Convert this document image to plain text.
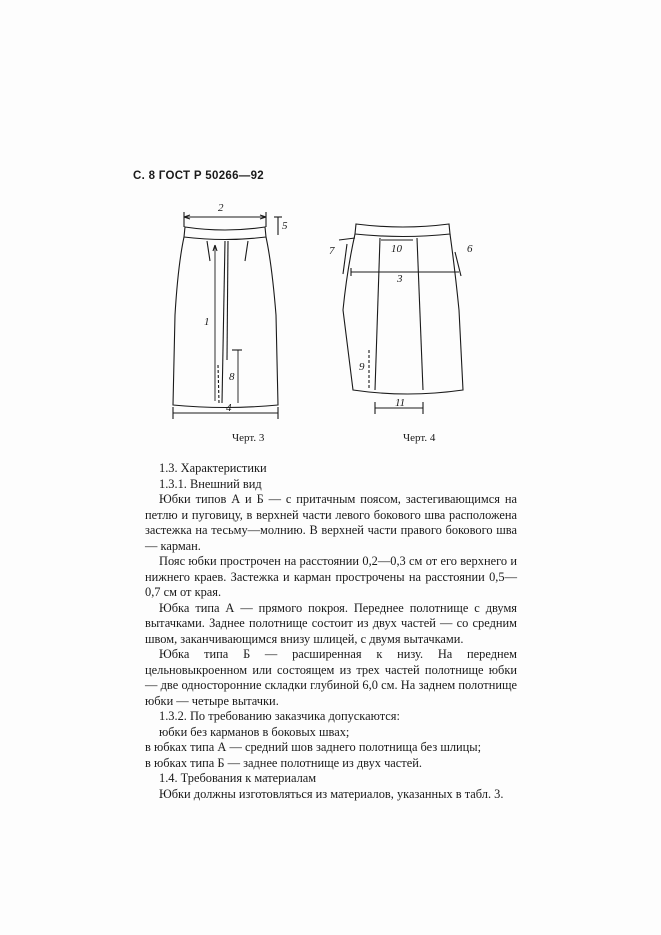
С. 8 ГОСТ Р 50266—92
2
5
1
8
4
10
7	6
3
9
11
Черт. 3	Черт. 4

1.3. Характеристики

1.3.1. Внешний вид

Юбки типов А и Б — с притачным поясом, застегивающимся на петлю и пуговицу, в верхней части левого бокового шва расположена застежка на тесьму—молнию. В верхней части правого бокового шва — карман.

Пояс юбки прострочен на расстоянии 0,2—0,3 см от его верхнего и нижнего краев. Застежка и карман прострочены на расстоянии 0,5—0,7 см от края.

Юбка типа А — прямого покроя. Переднее полотнище с двумя вытачками. Заднее полотнище состоит из двух частей — со средним швом, заканчивающимся внизу шлицей, с двумя вытачками.

Юбка типа Б — расширенная к низу. На переднем цельновыкроенном или состоящем из трех частей полотнище юбки — две односторонние складки глубиной 6,0 см. На заднем полотнище юбки — четыре вытачки.

1.3.2. По требованию заказчика допускаются:

юбки без карманов в боковых швах;

в юбках типа А — средний шов заднего полотнища без шлицы;

в юбках типа Б — заднее полотнище из двух частей.

1.4. Требования к материалам

Юбки должны изготовляться из материалов, указанных в табл. 3.
